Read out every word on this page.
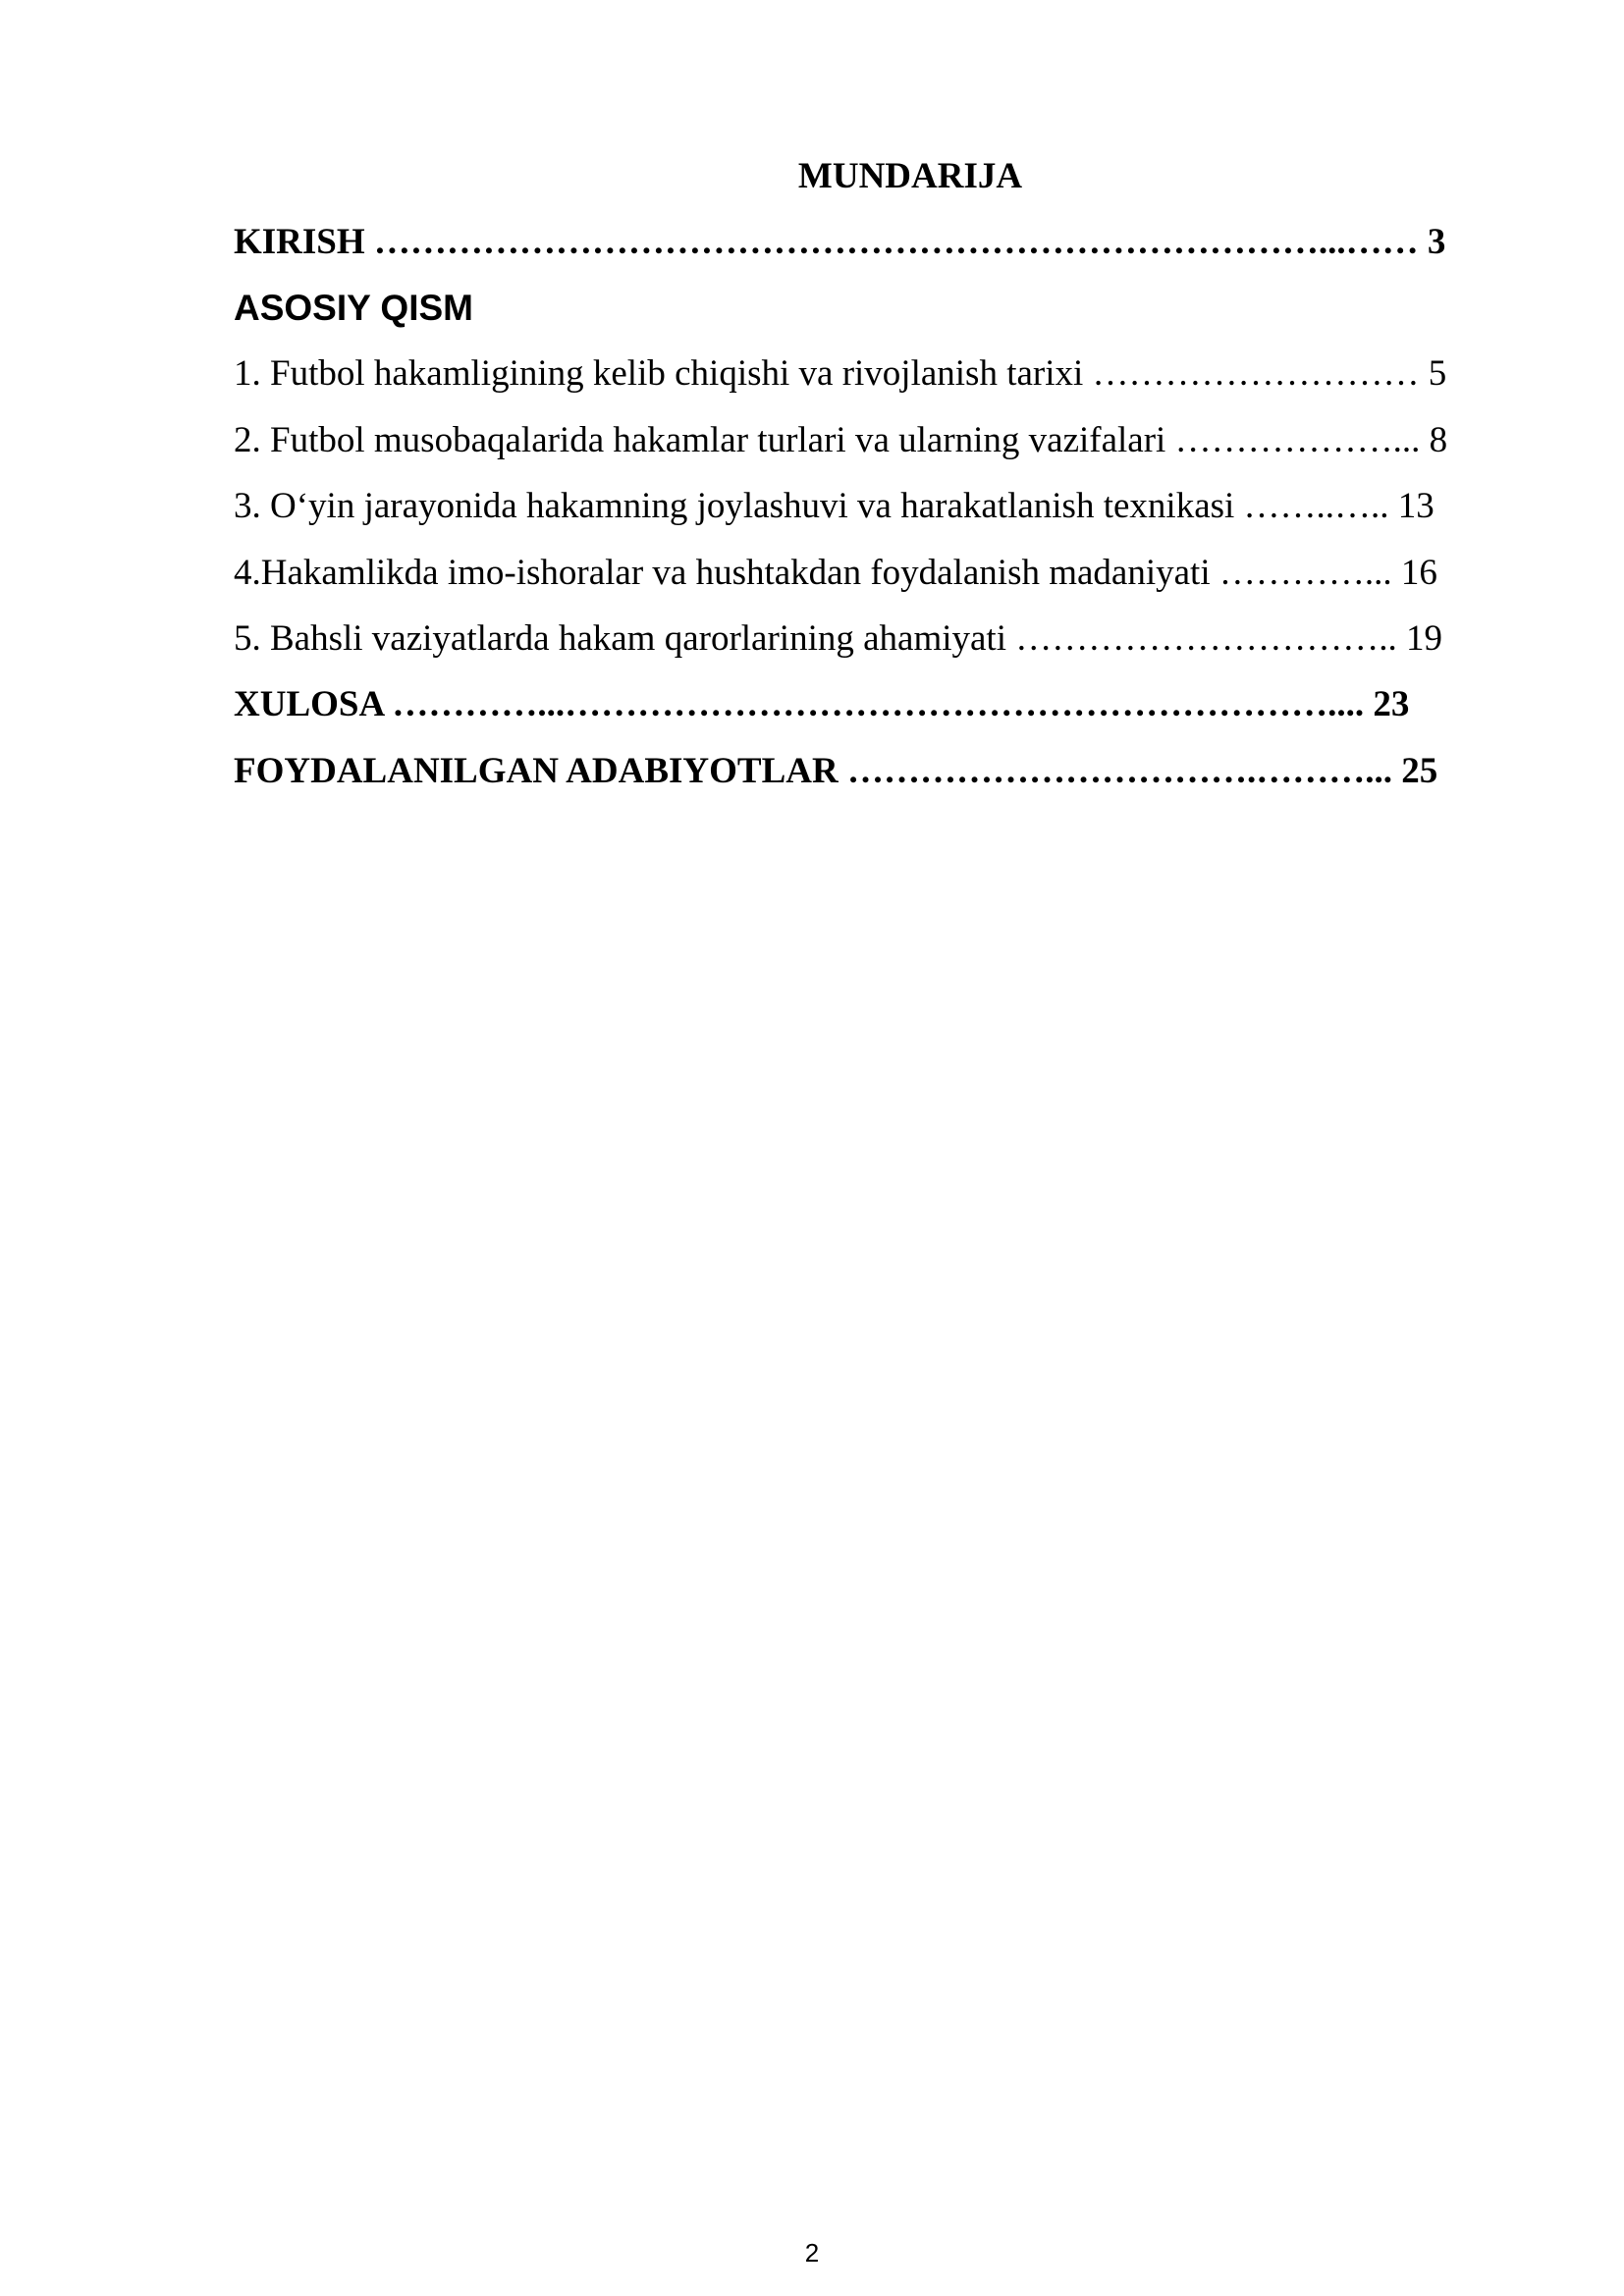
MUNDARIJA
KIRISH ……………………………………………………………………...…… 3
ASOSIY QISM
1. Futbol hakamligining kelib chiqishi va rivojlanish tarixi ……………………… 5
2. Futbol musobaqalarida hakamlar turlari va ularning vazifalari ………………... 8
3. O‘yin jarayonida hakamning joylashuvi va harakatlanish texnikasi ……..….. 13
4.Hakamlikda imo-ishoralar va hushtakdan foydalanish madaniyati …………... 16
5. Bahsli vaziyatlarda hakam qarorlarining ahamiyati ………………………….. 19
XULOSA …………...……………………………………………………….... 23
FOYDALANILGAN ADABIYOTLAR …………………………….………... 25
2
